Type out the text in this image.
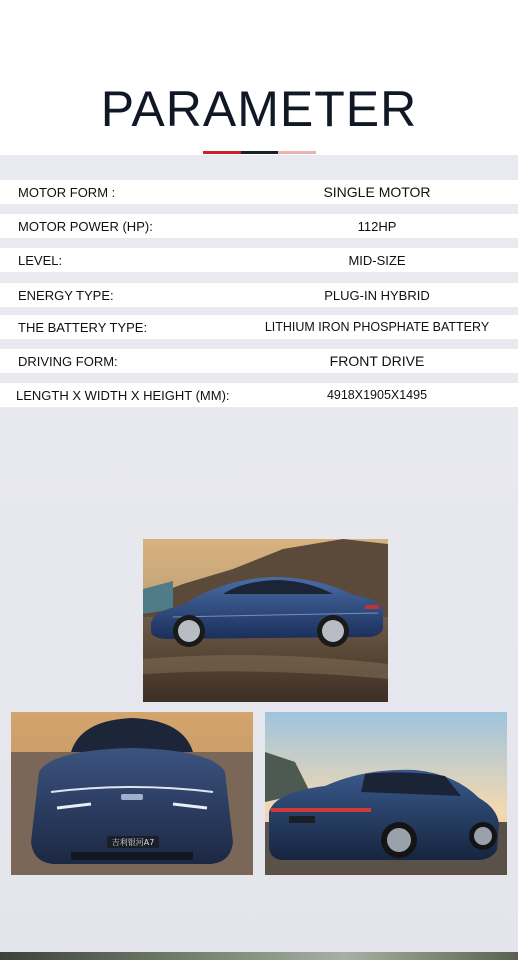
PARAMETER
MOTOR FORM :	SINGLE MOTOR
MOTOR POWER (HP):	112HP
LEVEL:	MID-SIZE
ENERGY TYPE:	PLUG-IN HYBRID
THE BATTERY TYPE:	LITHIUM IRON PHOSPHATE BATTERY
DRIVING FORM:	FRONT DRIVE
LENGTH X WIDTH X HEIGHT (MM):	4918X1905X1495
吉利银河A7
